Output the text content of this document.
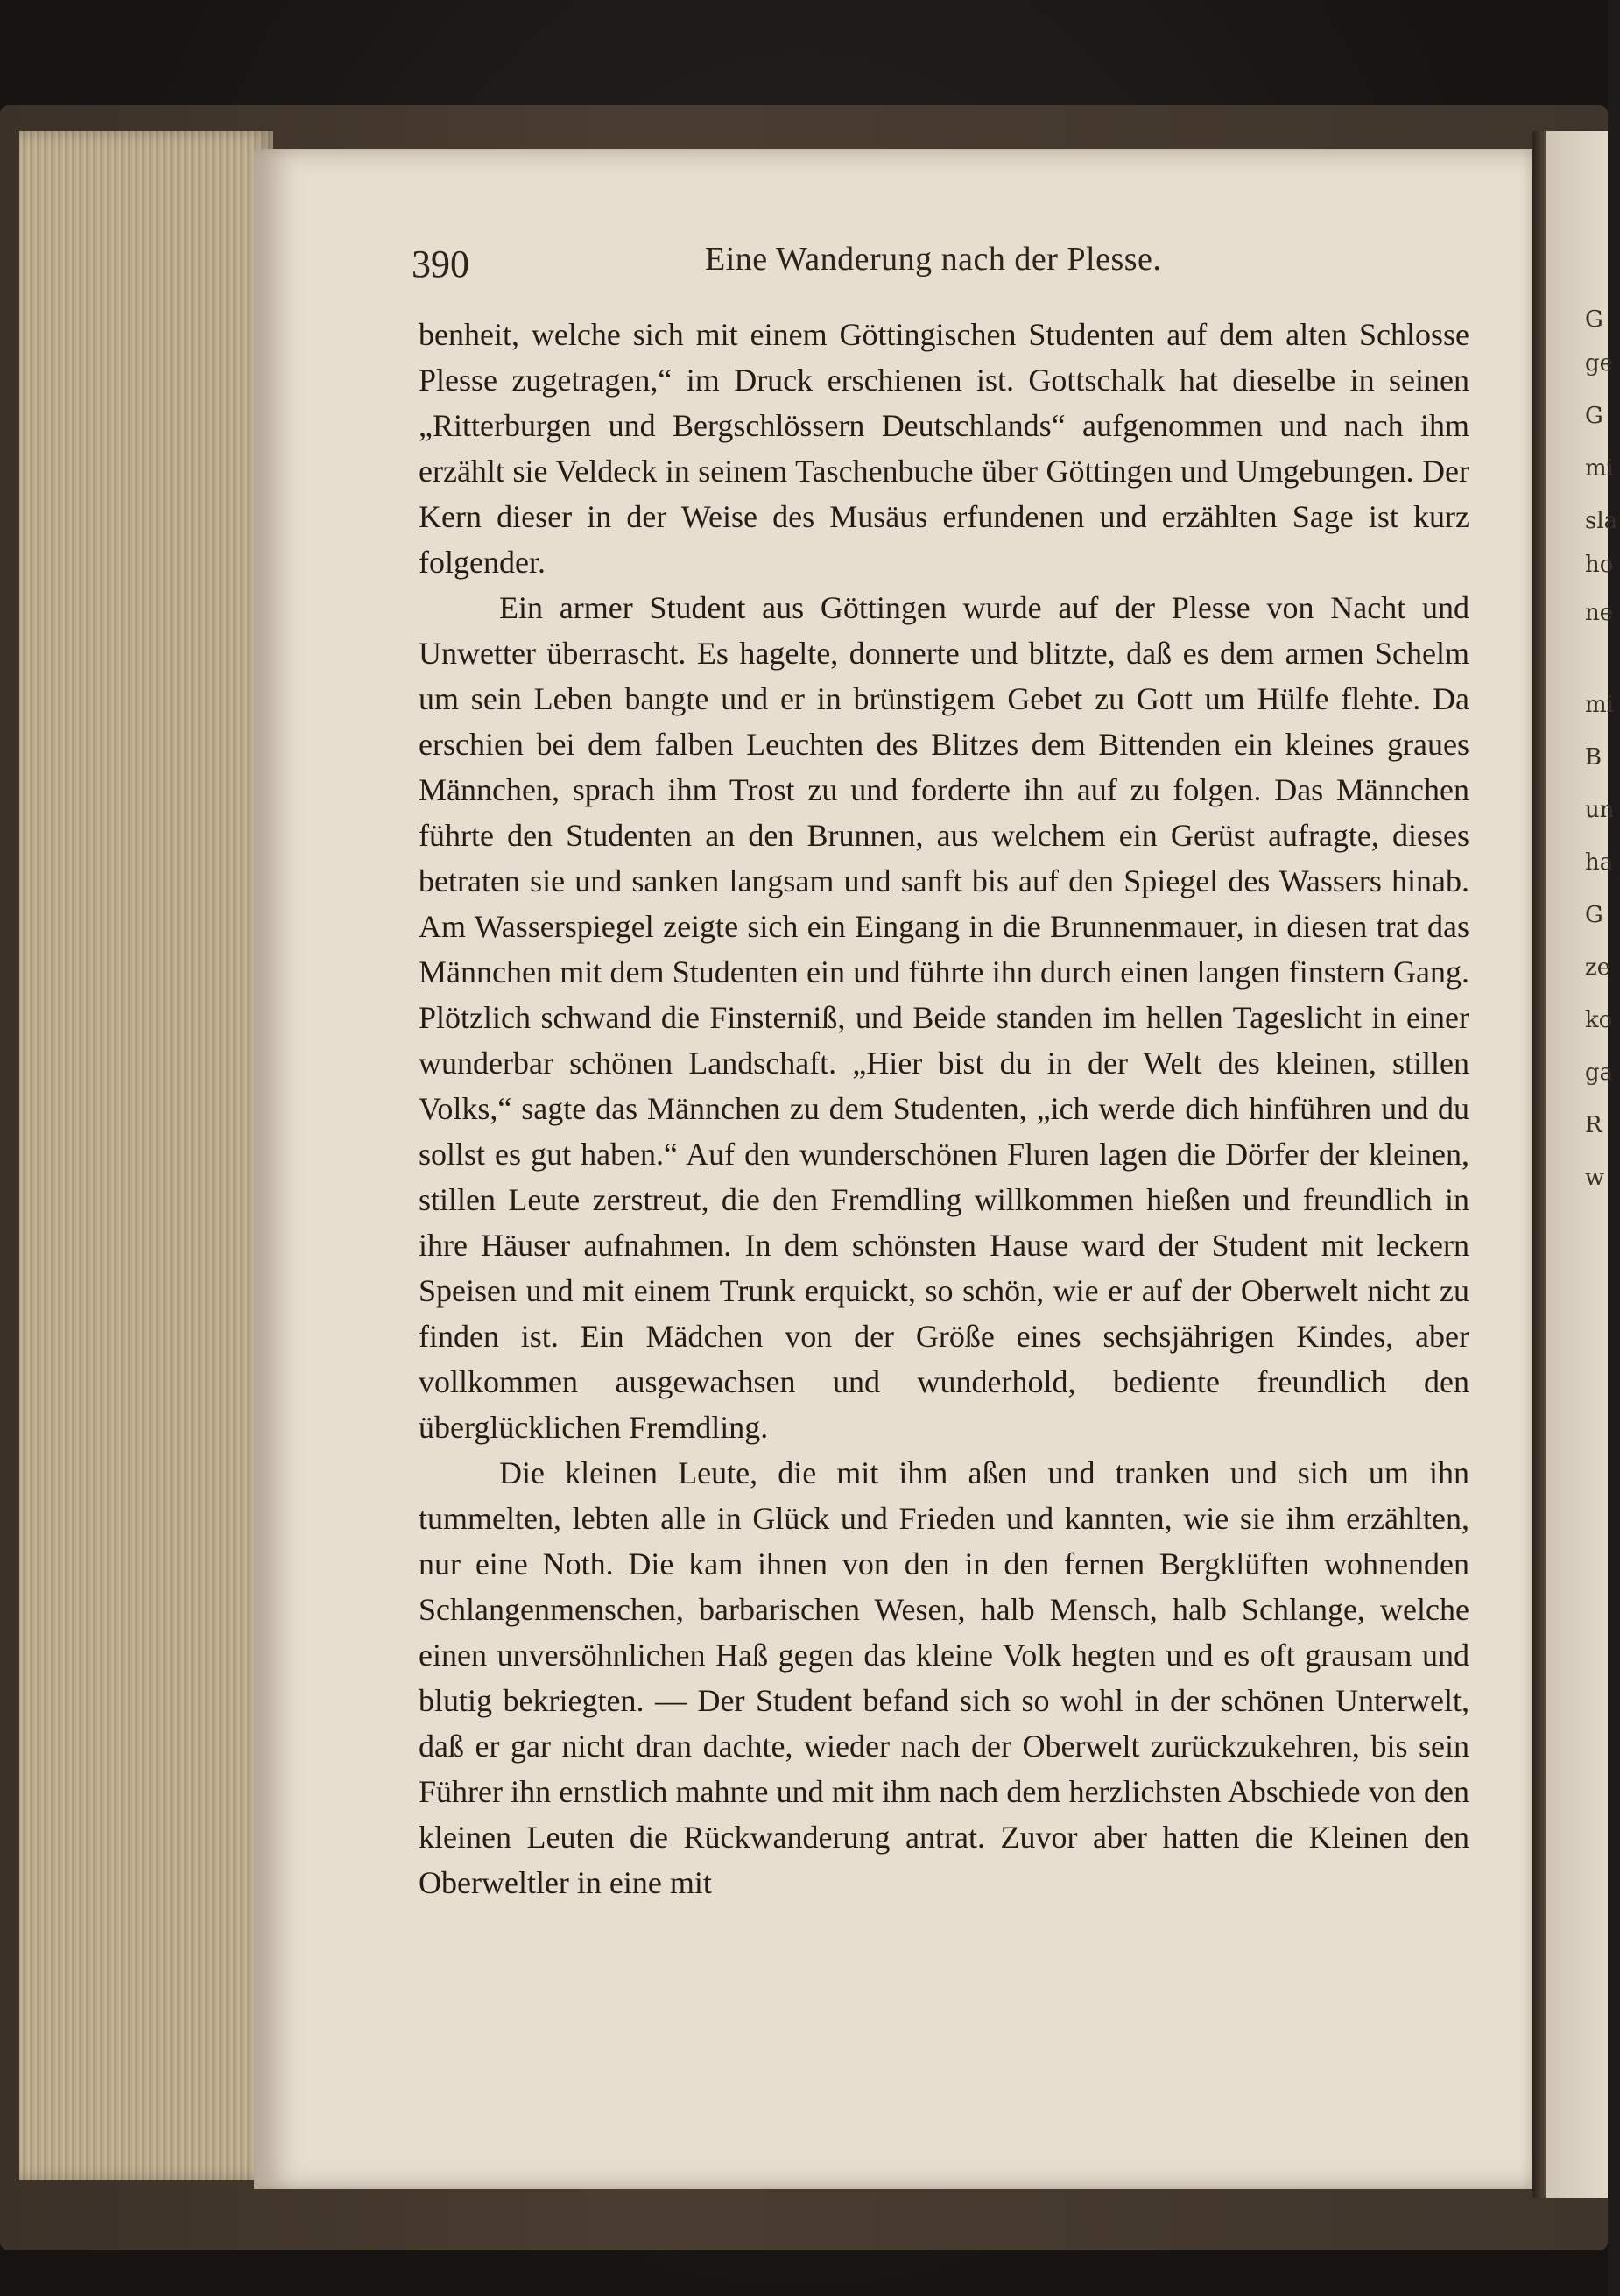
390	Eine Wanderung nach der Plesse.

benheit, welche sich mit einem Göttingischen Studenten auf dem alten Schlosse Plesse zugetragen,“ im Druck erschienen ist. Gottschalk hat dieselbe in seinen „Ritterburgen und Bergschlössern Deutschlands“ aufgenommen und nach ihm erzählt sie Veldeck in seinem Taschenbuche über Göttingen und Umgebungen. Der Kern dieser in der Weise des Musäus erfundenen und erzählten Sage ist kurz folgender.

Ein armer Student aus Göttingen wurde auf der Plesse von Nacht und Unwetter überrascht. Es hagelte, donnerte und blitzte, daß es dem armen Schelm um sein Leben bangte und er in brünstigem Gebet zu Gott um Hülfe flehte. Da erschien bei dem falben Leuchten des Blitzes dem Bittenden ein kleines graues Männchen, sprach ihm Trost zu und forderte ihn auf zu folgen. Das Männchen führte den Studenten an den Brunnen, aus welchem ein Gerüst aufragte, dieses betraten sie und sanken langsam und sanft bis auf den Spiegel des Wassers hinab. Am Wasserspiegel zeigte sich ein Eingang in die Brunnenmauer, in diesen trat das Männchen mit dem Studenten ein und führte ihn durch einen langen finstern Gang. Plötzlich schwand die Finsterniß, und Beide standen im hellen Tageslicht in einer wunderbar schönen Landschaft. „Hier bist du in der Welt des kleinen, stillen Volks,“ sagte das Männchen zu dem Studenten, „ich werde dich hinführen und du sollst es gut haben.“ Auf den wunderschönen Fluren lagen die Dörfer der kleinen, stillen Leute zerstreut, die den Fremdling willkommen hießen und freundlich in ihre Häuser aufnahmen. In dem schönsten Hause ward der Student mit leckern Speisen und mit einem Trunk erquickt, so schön, wie er auf der Oberwelt nicht zu finden ist. Ein Mädchen von der Größe eines sechsjährigen Kindes, aber vollkommen ausgewachsen und wunderhold, bediente freundlich den überglücklichen Fremdling.

Die kleinen Leute, die mit ihm aßen und tranken und sich um ihn tummelten, lebten alle in Glück und Frieden und kannten, wie sie ihm erzählten, nur eine Noth. Die kam ihnen von den in den fernen Bergklüften wohnenden Schlangenmenschen, barbarischen Wesen, halb Mensch, halb Schlange, welche einen unversöhnlichen Haß gegen das kleine Volk hegten und es oft grausam und blutig bekriegten. — Der Student befand sich so wohl in der schönen Unterwelt, daß er gar nicht dran dachte, wieder nach der Oberwelt zurückzukehren, bis sein Führer ihn ernstlich mahnte und mit ihm nach dem herzlichsten Abschiede von den kleinen Leuten die Rückwanderung antrat. Zuvor aber hatten die Kleinen den Oberweltler in eine mit

G
ge
G
mi
sla
ho
ne
mi
B
un
ha
G
ze
ko
ga
R
w
